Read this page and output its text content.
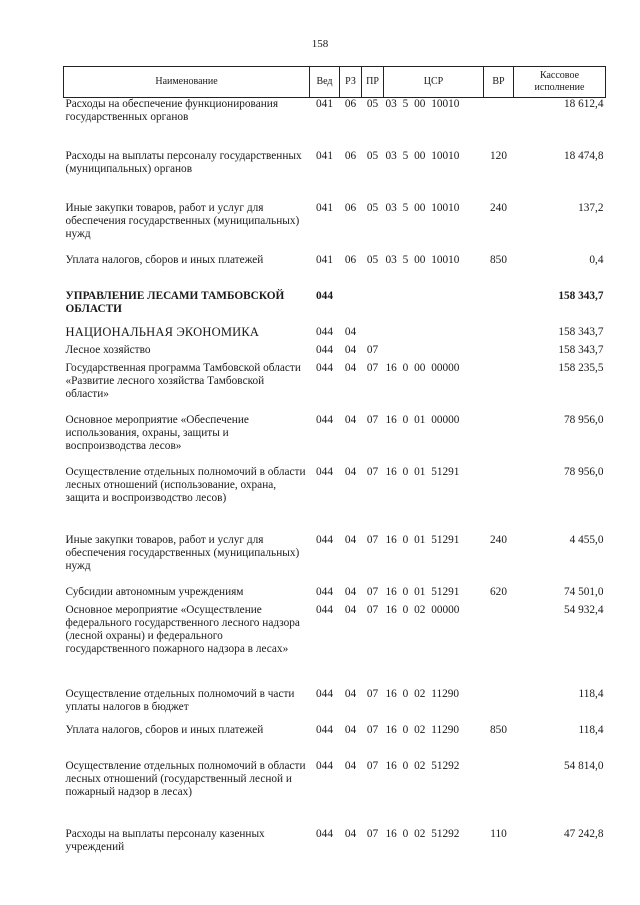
158
Наименование	Вед	РЗ	ПР	ЦСР	ВР	Кассовое исполнение
Расходы на обеспечение функционирования государственных органов	041	06	05	03 5 00 10010		18 612,4
Расходы на выплаты персоналу государственных (муниципальных) органов	041	06	05	03 5 00 10010	120	18 474,8
Иные закупки товаров, работ и услуг для обеспечения государственных (муниципальных) нужд	041	06	05	03 5 00 10010	240	137,2
Уплата налогов, сборов и иных платежей	041	06	05	03 5 00 10010	850	0,4
УПРАВЛЕНИЕ ЛЕСАМИ ТАМБОВСКОЙ ОБЛАСТИ	044					158 343,7
НАЦИОНАЛЬНАЯ ЭКОНОМИКА	044	04				158 343,7
Лесное хозяйство	044	04	07			158 343,7
Государственная программа Тамбовской области «Развитие лесного хозяйства Тамбовской области»	044	04	07	16 0 00 00000		158 235,5
Основное мероприятие «Обеспечение использования, охраны, защиты и воспроизводства лесов»	044	04	07	16 0 01 00000		78 956,0
Осуществление отдельных полномочий в области лесных отношений (использование, охрана, защита и воспроизводство лесов)	044	04	07	16 0 01 51291		78 956,0
Иные закупки товаров, работ и услуг для обеспечения государственных (муниципальных) нужд	044	04	07	16 0 01 51291	240	4 455,0
Субсидии автономным учреждениям	044	04	07	16 0 01 51291	620	74 501,0
Основное мероприятие «Осуществление федерального государственного лесного надзора (лесной охраны) и федерального государственного пожарного надзора в лесах»	044	04	07	16 0 02 00000		54 932,4
Осуществление отдельных полномочий в части уплаты налогов в бюджет	044	04	07	16 0 02 11290		118,4
Уплата налогов, сборов и иных платежей	044	04	07	16 0 02 11290	850	118,4
Осуществление отдельных полномочий в области лесных отношений (государственный лесной и пожарный надзор в лесах)	044	04	07	16 0 02 51292		54 814,0
Расходы на выплаты персоналу казенных учреждений	044	04	07	16 0 02 51292	110	47 242,8
